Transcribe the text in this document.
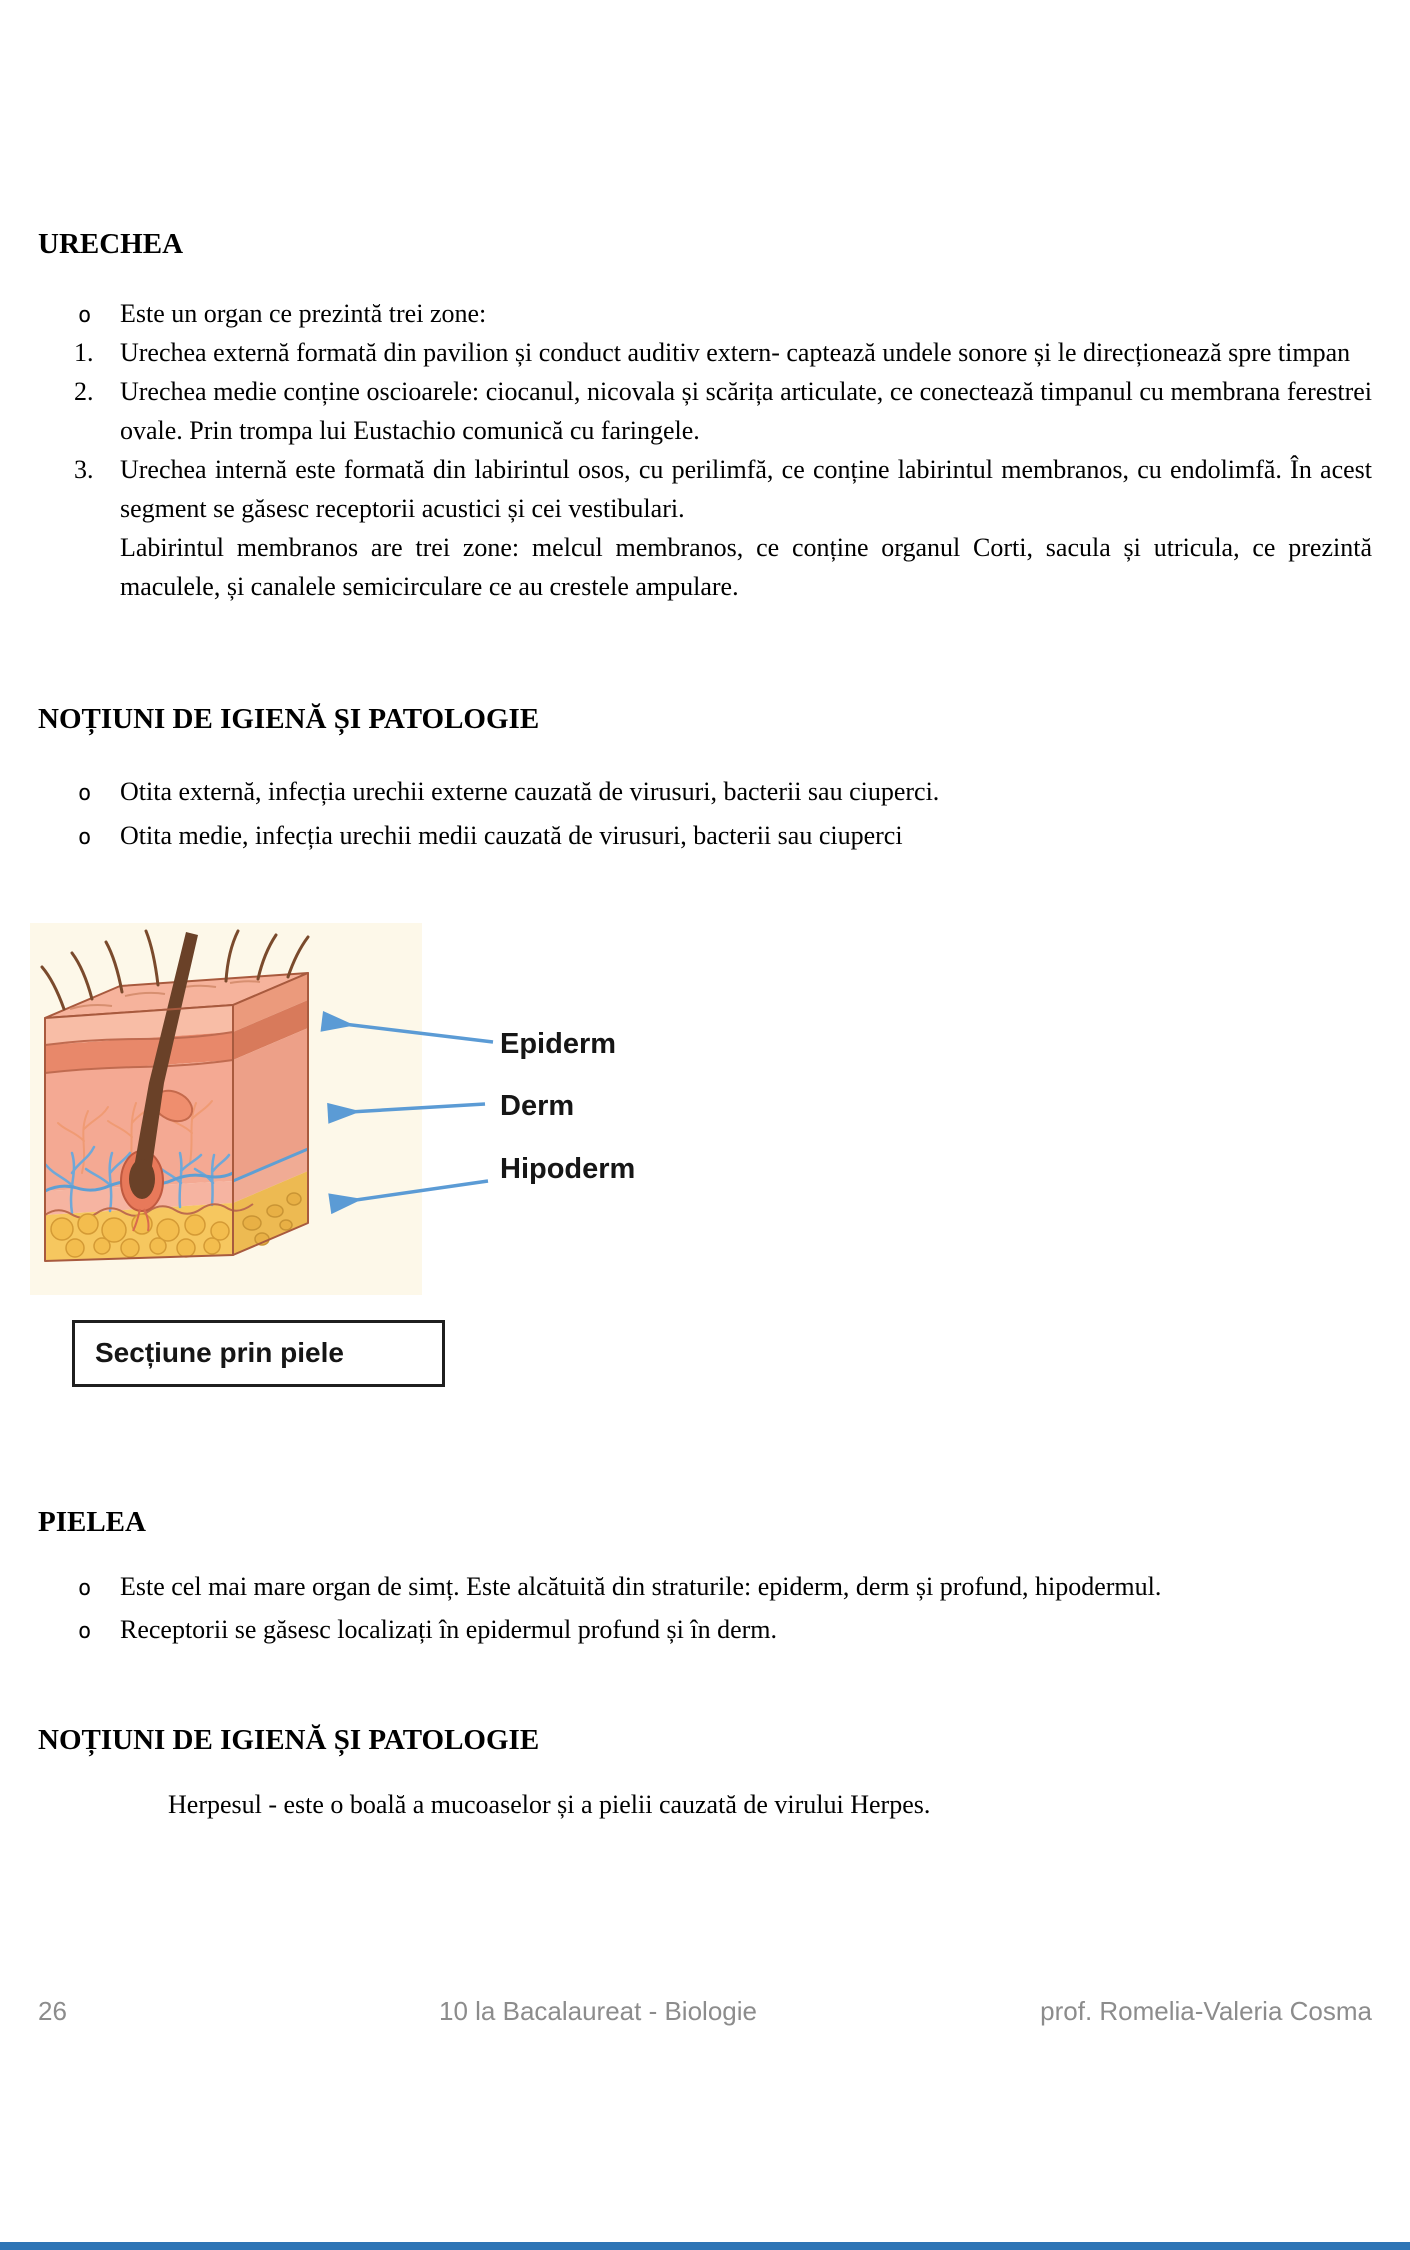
URECHEA
o Este un organ ce prezintă trei zone:
1. Urechea externă formată din pavilion și conduct auditiv extern- captează undele sonore și le direcționează spre timpan
2. Urechea medie conține oscioarele: ciocanul, nicovala și scărița articulate, ce conectează timpanul cu membrana ferestrei ovale. Prin trompa lui Eustachio comunică cu faringele.
3. Urechea internă este formată din labirintul osos, cu perilimfă, ce conține labirintul membranos, cu endolimfă. În acest segment se găsesc receptorii acustici și cei vestibulari.
Labirintul membranos are trei zone: melcul membranos, ce conține organul Corti, sacula și utricula, ce prezintă maculele, și canalele semicirculare ce au crestele ampulare.
NOȚIUNI DE IGIENĂ ȘI PATOLOGIE
o Otita externă, infecția urechii externe cauzată de virusuri, bacterii sau ciuperci.
o Otita medie, infecția urechii medii cauzată de virusuri, bacterii sau ciuperci
Epiderm
Derm
Hipoderm
Secțiune prin piele
PIELEA
o Este cel mai mare organ de simț. Este alcătuită din straturile: epiderm, derm și profund, hipodermul.
o Receptorii se găsesc localizați în epidermul profund și în derm.
NOȚIUNI DE IGIENĂ ȘI PATOLOGIE
Herpesul - este o boală a mucoaselor și a pielii cauzată de virului Herpes.
26	10 la Bacalaureat - Biologie	prof. Romelia-Valeria Cosma
